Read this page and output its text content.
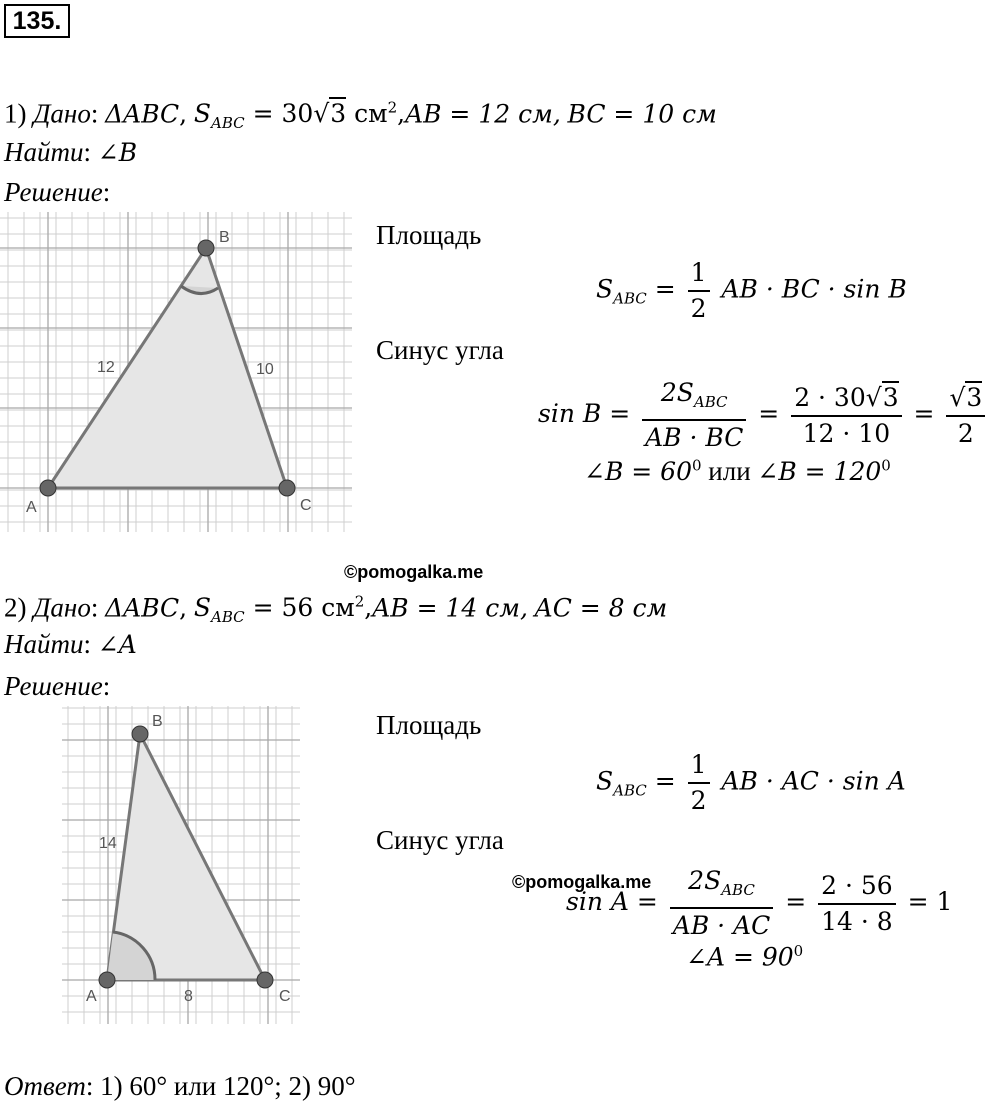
135.
1) Дано: ΔABC, $S_{ABC} = 30√3$ $см^2,AB = 12$ см, BC = 10 см
Найти: ∠B
Решение:
A
B
C
12	10
Площадь
$S_{ABC} = \frac{1}{2}$ AB · BC · sin B
Синус угла
$\sin B = \frac{2S_{ABC}}{AB \cdot BC} = \frac{2 \cdot 30√3}{12 \cdot 10} = \frac{√3}{2}$
∠B = $60^0$ или ∠B = $120^0$
©pomogalka.me
2) Дано: ΔABC, $S_{ABC} = 56$ $см^2,AB = 14$ см, AC = 8 см
Найти: ∠A
Решение:
A
B
C
14
8
Площадь
$S_{ABC} = \frac{1}{2}$ AB · AC · sin A
Синус угла
©pomogalka.me
$\sin A = \frac{2S_{ABC}}{AB \cdot AC} = \frac{2 \cdot 56}{14 \cdot 8} = 1$
∠A = $90^0$
Ответ: 1) 60° или 120°; 2) 90°
